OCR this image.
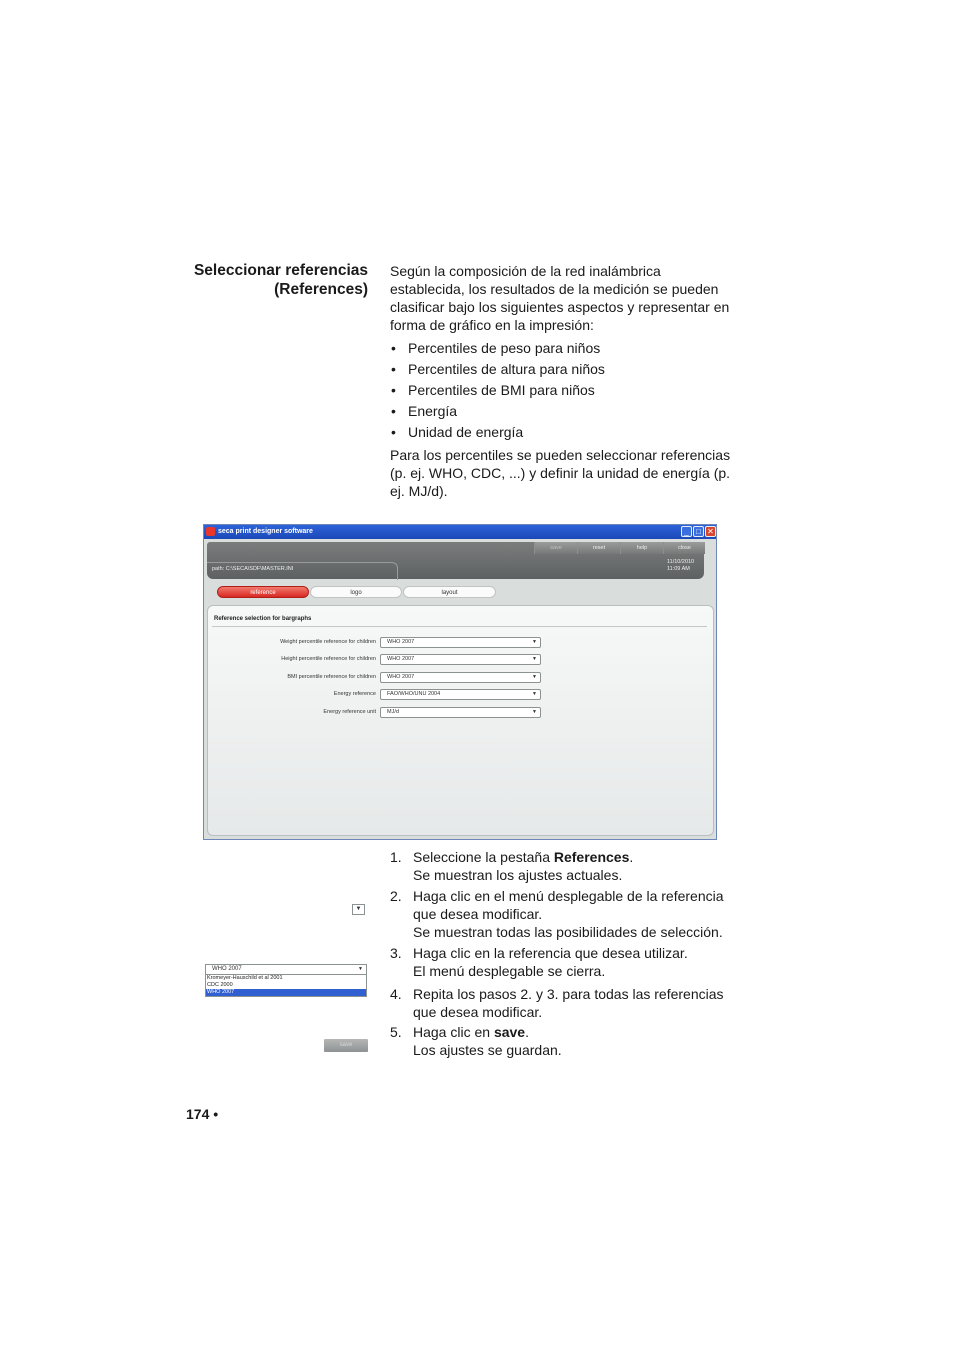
Seleccionar referencias
(References)
Según la composición de la red inalámbrica establecida, los resultados de la medición se pueden clasificar bajo los siguientes aspectos y representar en forma de gráfico en la impresión:
• Percentiles de peso para niños
• Percentiles de altura para niños
• Percentiles de BMI para niños
• Energía
• Unidad de energía
Para los percentiles se pueden seleccionar referencias (p. ej. WHO, CDC, ...) y definir la unidad de energía (p. ej. MJ/d).
seca print designer software	_ □ ✕
save	reset	help	close
path: C:\SECA\SDF\MASTER.INI
11/10/2010
11:09 AM
reference	logo	layout
Reference selection for bargraphs
Weight percentile reference for children	WHO 2007	▼
Height percentile reference for children	WHO 2007	▼
BMI percentile reference for children	WHO 2007	▼
Energy reference	FAO/WHO/UNU 2004	▼
Energy reference unit	MJ/d	▼
1. Seleccione la pestaña References.
Se muestran los ajustes actuales.
2. Haga clic en el menú desplegable de la referencia que desea modificar.
Se muestran todas las posibilidades de selección.
3. Haga clic en la referencia que desea utilizar.
El menú desplegable se cierra.
4. Repita los pasos 2. y 3. para todas las referencias que desea modificar.
5. Haga clic en save.
Los ajustes se guardan.
▼
WHO 2007	▼
Kromeyer-Hauschild et al 2001
CDC 2000
WHO 2007
save
174 •
